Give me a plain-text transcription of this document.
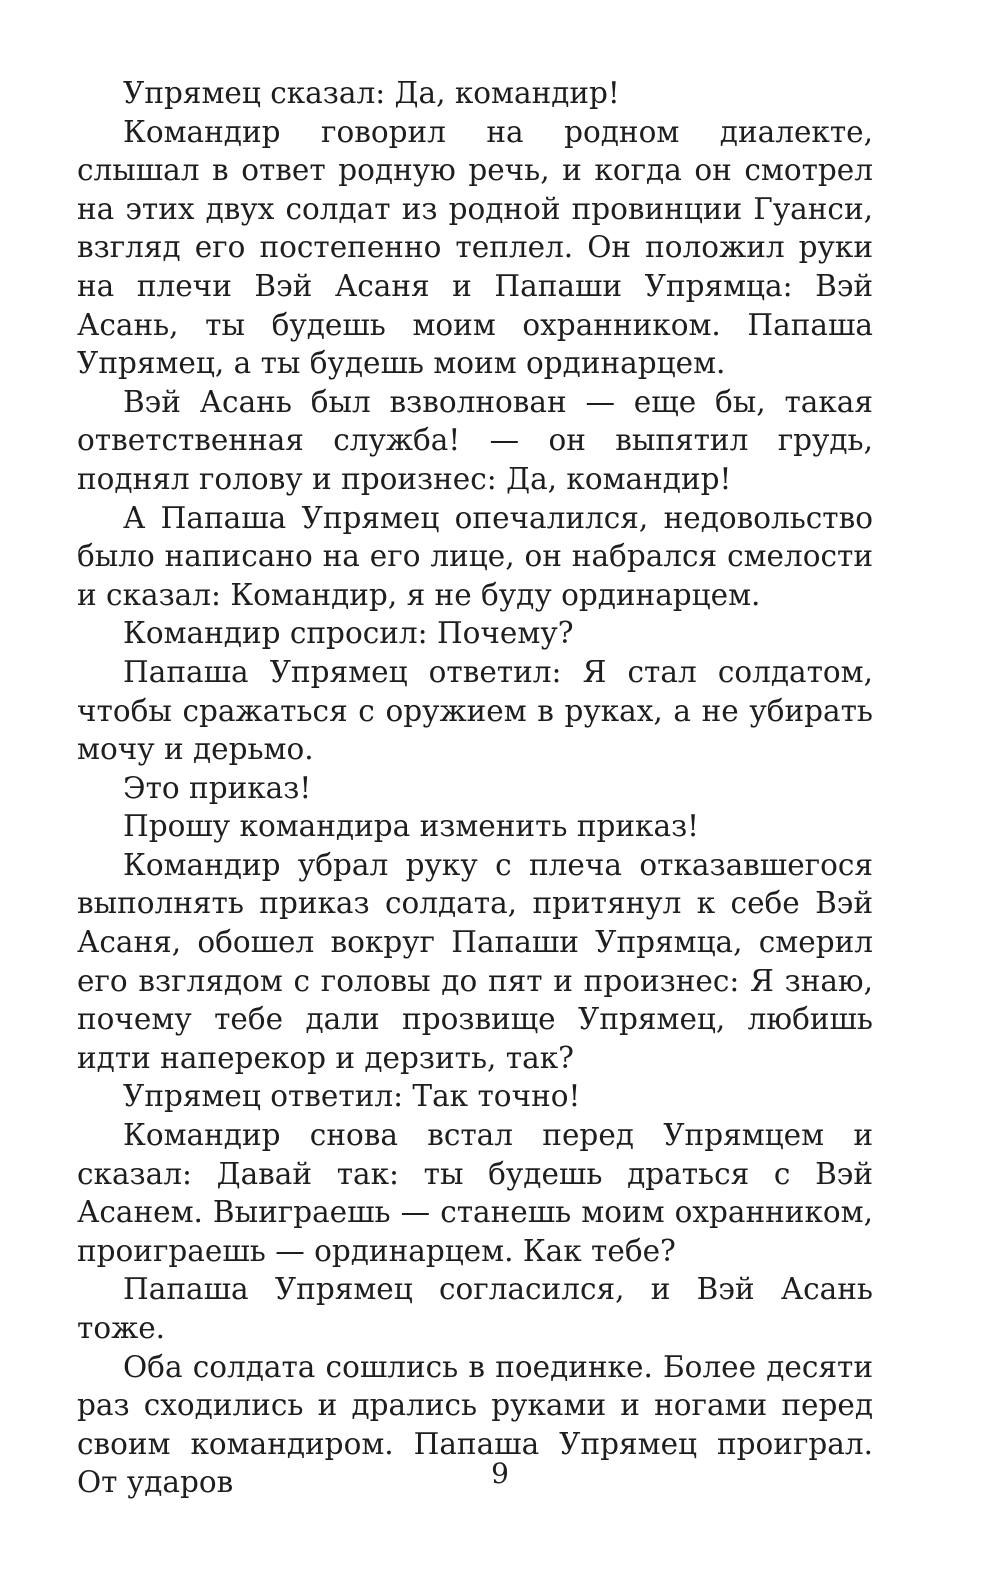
Упрямец сказал: Да, командир!

Командир говорил на родном диалекте, слышал в ответ родную речь, и когда он смотрел на этих двух солдат из родной провинции Гуанси, взгляд его постепенно теплел. Он положил руки на плечи Вэй Асаня и Папаши Упрямца: Вэй Асань, ты будешь моим охранником. Папаша Упрямец, а ты будешь моим ординарцем.

Вэй Асань был взволнован — еще бы, такая ответственная служба! — он выпятил грудь, поднял голову и произнес: Да, командир!

А Папаша Упрямец опечалился, недовольство было написано на его лице, он набрался смелости и сказал: Командир, я не буду ординарцем.

Командир спросил: Почему?

Папаша Упрямец ответил: Я стал солдатом, чтобы сражаться с оружием в руках, а не убирать мочу и дерьмо.

Это приказ!

Прошу командира изменить приказ!

Командир убрал руку с плеча отказавшегося выполнять приказ солдата, притянул к себе Вэй Асаня, обошел вокруг Папаши Упрямца, смерил его взглядом с головы до пят и произнес: Я знаю, почему тебе дали прозвище Упрямец, любишь идти наперекор и дерзить, так?

Упрямец ответил: Так точно!

Командир снова встал перед Упрямцем и сказал: Давай так: ты будешь драться с Вэй Асанем. Выиграешь — станешь моим охранником, проиграешь — ординарцем. Как тебе?

Папаша Упрямец согласился, и Вэй Асань тоже.

Оба солдата сошлись в поединке. Более десяти раз сходились и дрались руками и ногами перед своим командиром. Папаша Упрямец проиграл. От ударов	9
